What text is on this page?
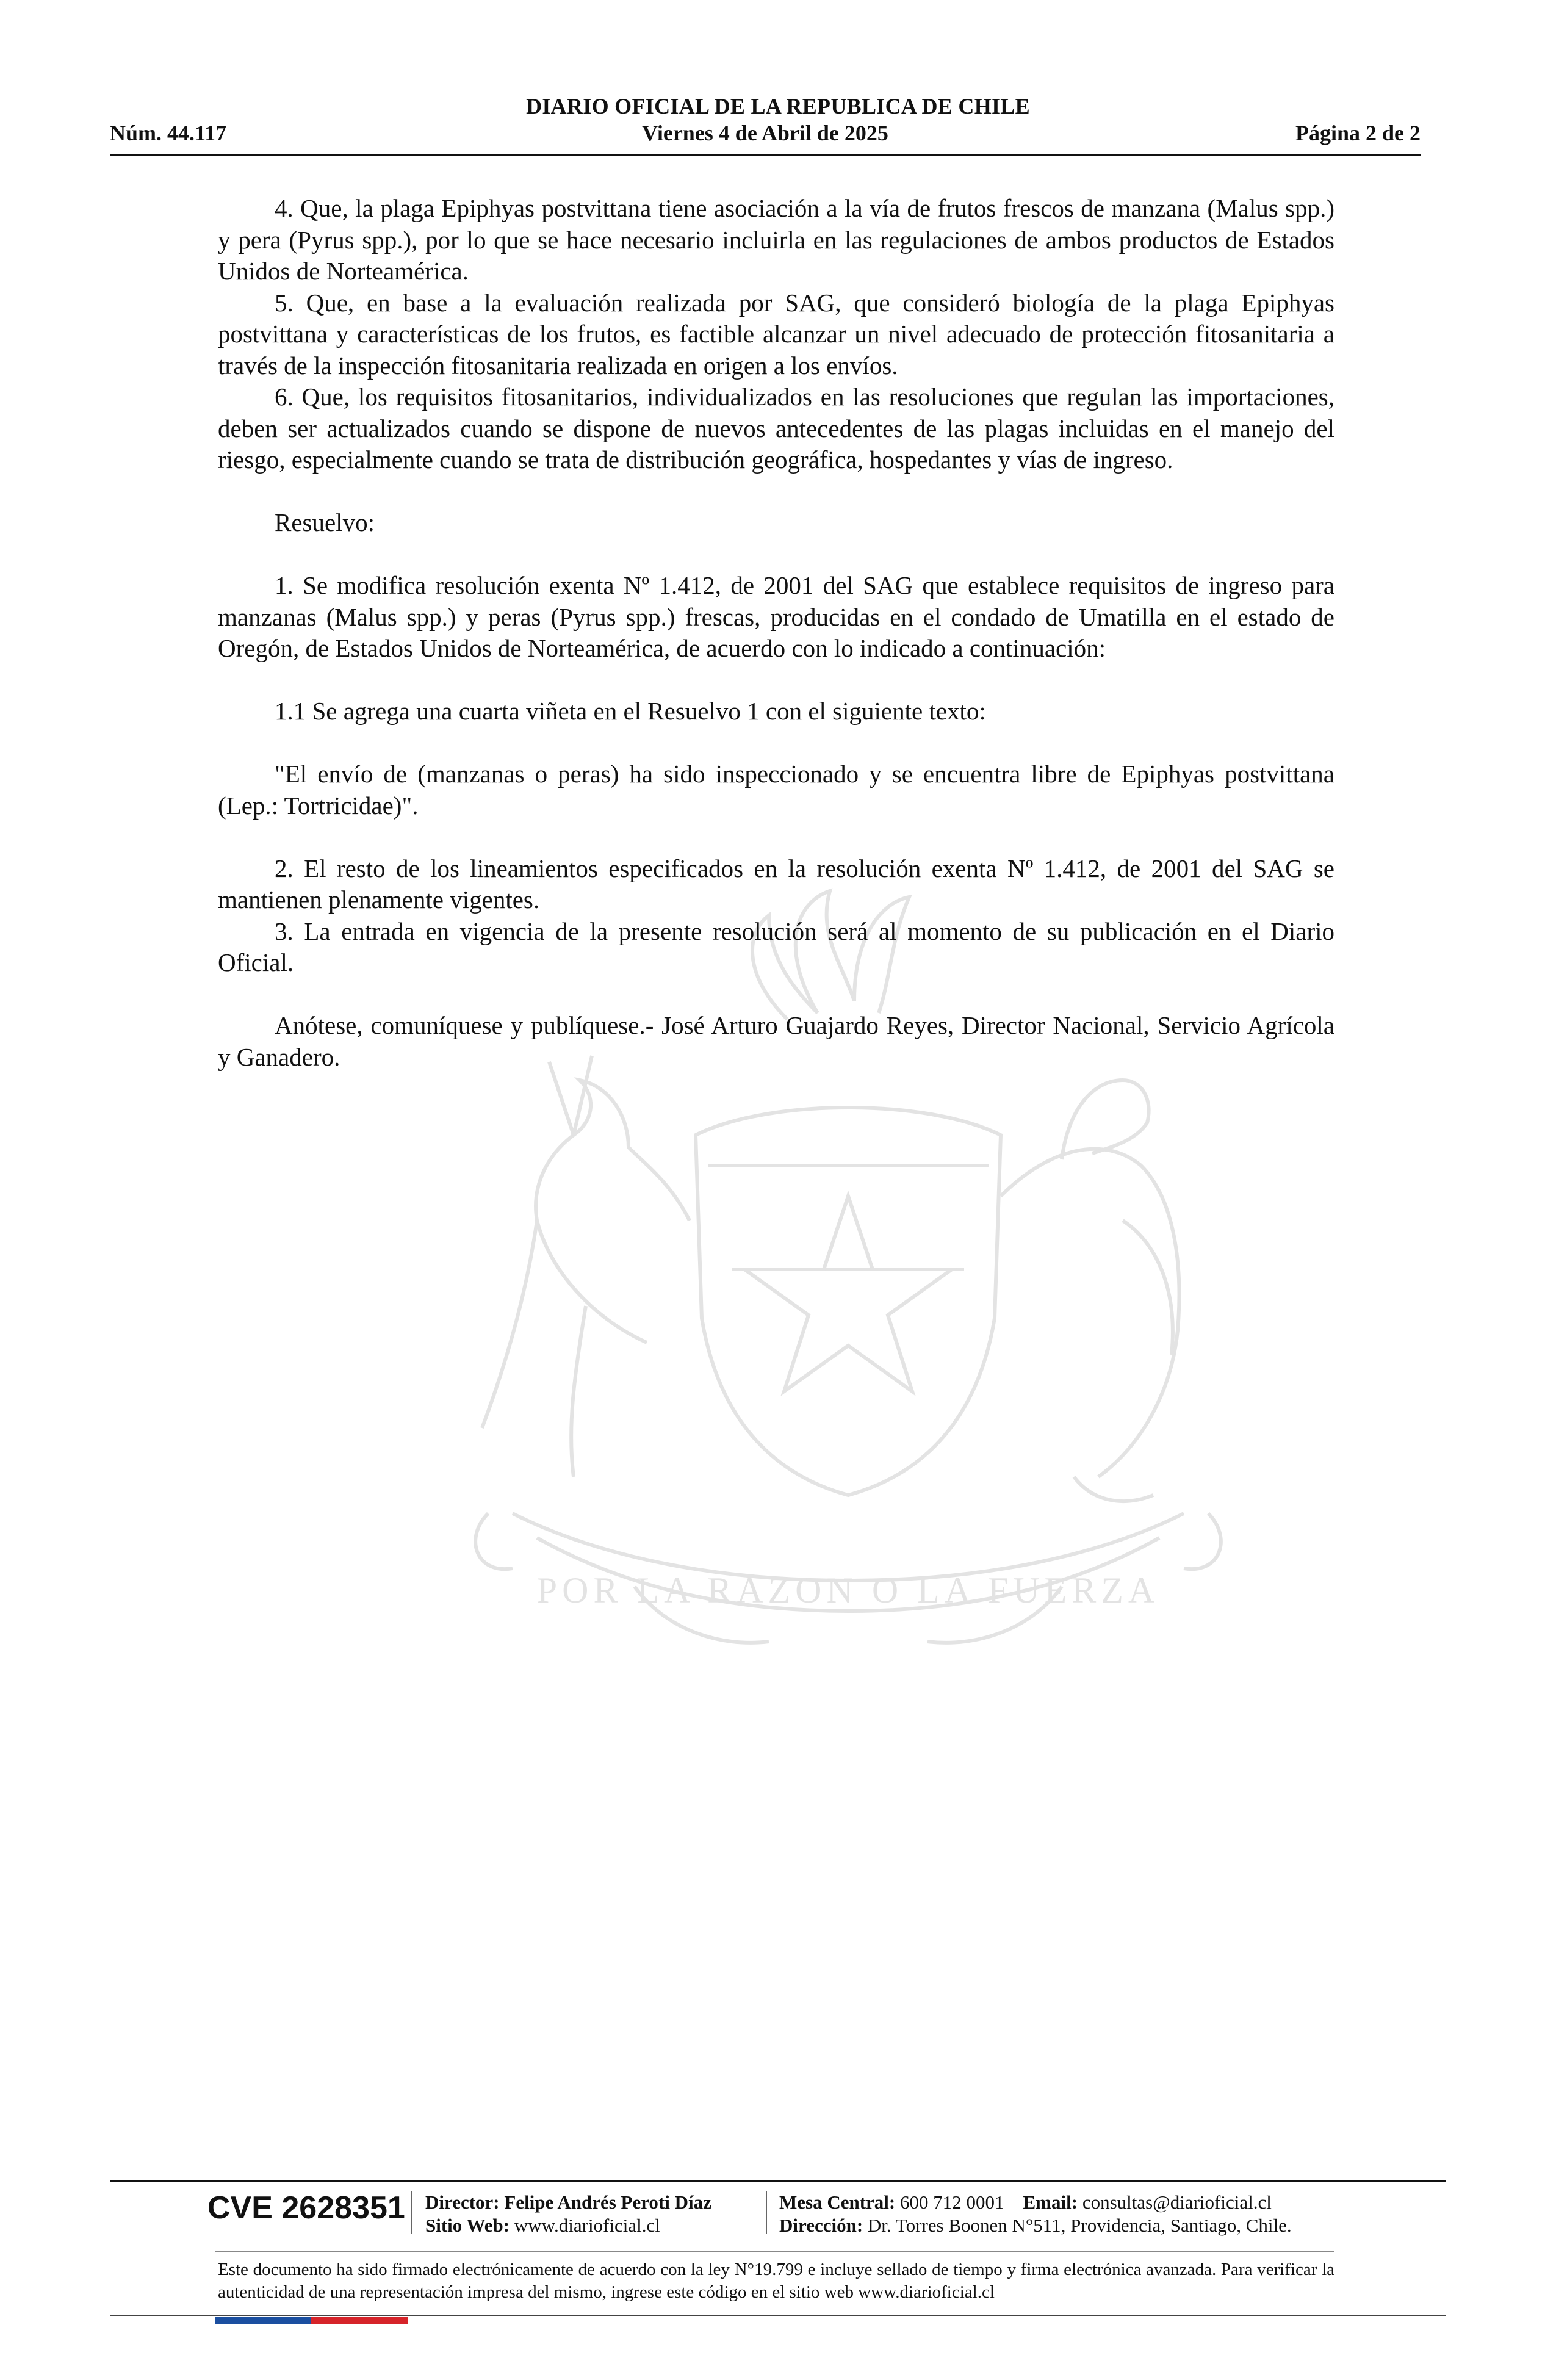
DIARIO OFICIAL DE LA REPUBLICA DE CHILE
Núm. 44.117	Viernes 4 de Abril de 2025	Página 2 de 2
POR LA RAZON O LA FUERZA

4. Que, la plaga Epiphyas postvittana tiene asociación a la vía de frutos frescos de manzana (Malus spp.) y pera (Pyrus spp.), por lo que se hace necesario incluirla en las regulaciones de ambos productos de Estados Unidos de Norteamérica.

5. Que, en base a la evaluación realizada por SAG, que consideró biología de la plaga Epiphyas postvittana y características de los frutos, es factible alcanzar un nivel adecuado de protección fitosanitaria a través de la inspección fitosanitaria realizada en origen a los envíos.

6. Que, los requisitos fitosanitarios, individualizados en las resoluciones que regulan las importaciones, deben ser actualizados cuando se dispone de nuevos antecedentes de las plagas incluidas en el manejo del riesgo, especialmente cuando se trata de distribución geográfica, hospedantes y vías de ingreso.

Resuelvo:

1. Se modifica resolución exenta Nº 1.412, de 2001 del SAG que establece requisitos de ingreso para manzanas (Malus spp.) y peras (Pyrus spp.) frescas, producidas en el condado de Umatilla en el estado de Oregón, de Estados Unidos de Norteamérica, de acuerdo con lo indicado a continuación:

1.1 Se agrega una cuarta viñeta en el Resuelvo 1 con el siguiente texto:

"El envío de (manzanas o peras) ha sido inspeccionado y se encuentra libre de Epiphyas postvittana (Lep.: Tortricidae)".

2. El resto de los lineamientos especificados en la resolución exenta Nº 1.412, de 2001 del SAG se mantienen plenamente vigentes.

3. La entrada en vigencia de la presente resolución será al momento de su publicación en el Diario Oficial.

Anótese, comuníquese y publíquese.- José Arturo Guajardo Reyes, Director Nacional, Servicio Agrícola y Ganadero.

CVE 2628351 Director: Felipe Andrés Peroti Díaz
Sitio Web: www.diarioficial.cl
Mesa Central: 600 712 0001 Email: consultas@diarioficial.cl
Dirección: Dr. Torres Boonen N°511, Providencia, Santiago, Chile.
Este documento ha sido firmado electrónicamente de acuerdo con la ley N°19.799 e incluye sellado de tiempo y firma electrónica avanzada. Para verificar la autenticidad de una representación impresa del mismo, ingrese este código en el sitio web www.diarioficial.cl
